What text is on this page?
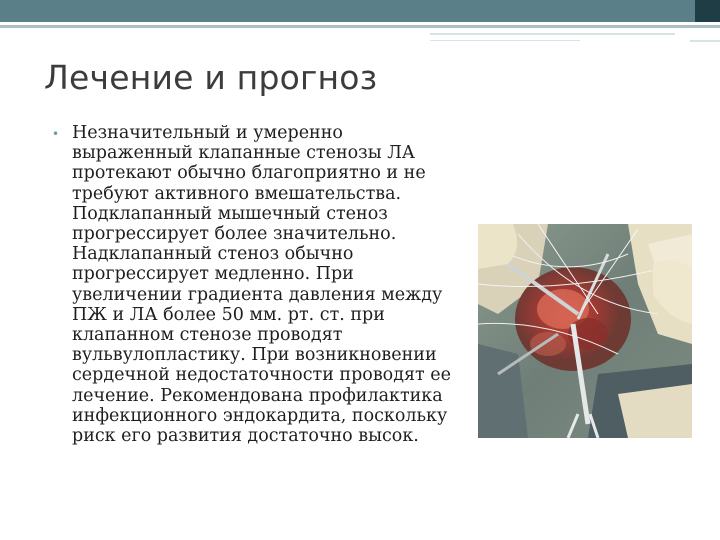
Лечение и прогноз
• Незначительный и умеренно
выраженный клапанные стенозы ЛА
протекают обычно благоприятно и не
требуют активного вмешательства.
Подклапанный мышечный стеноз
прогрессирует более значительно.
Надклапанный стеноз обычно
прогрессирует медленно. При
увеличении градиента давления между
ПЖ и ЛА более 50 мм. рт. ст. при
клапанном стенозе проводят
вульвулопластику. При возникновении
сердечной недостаточности проводят ее
лечение. Рекомендована профилактика
инфекционного эндокардита, поскольку
риск его развития достаточно высок.
